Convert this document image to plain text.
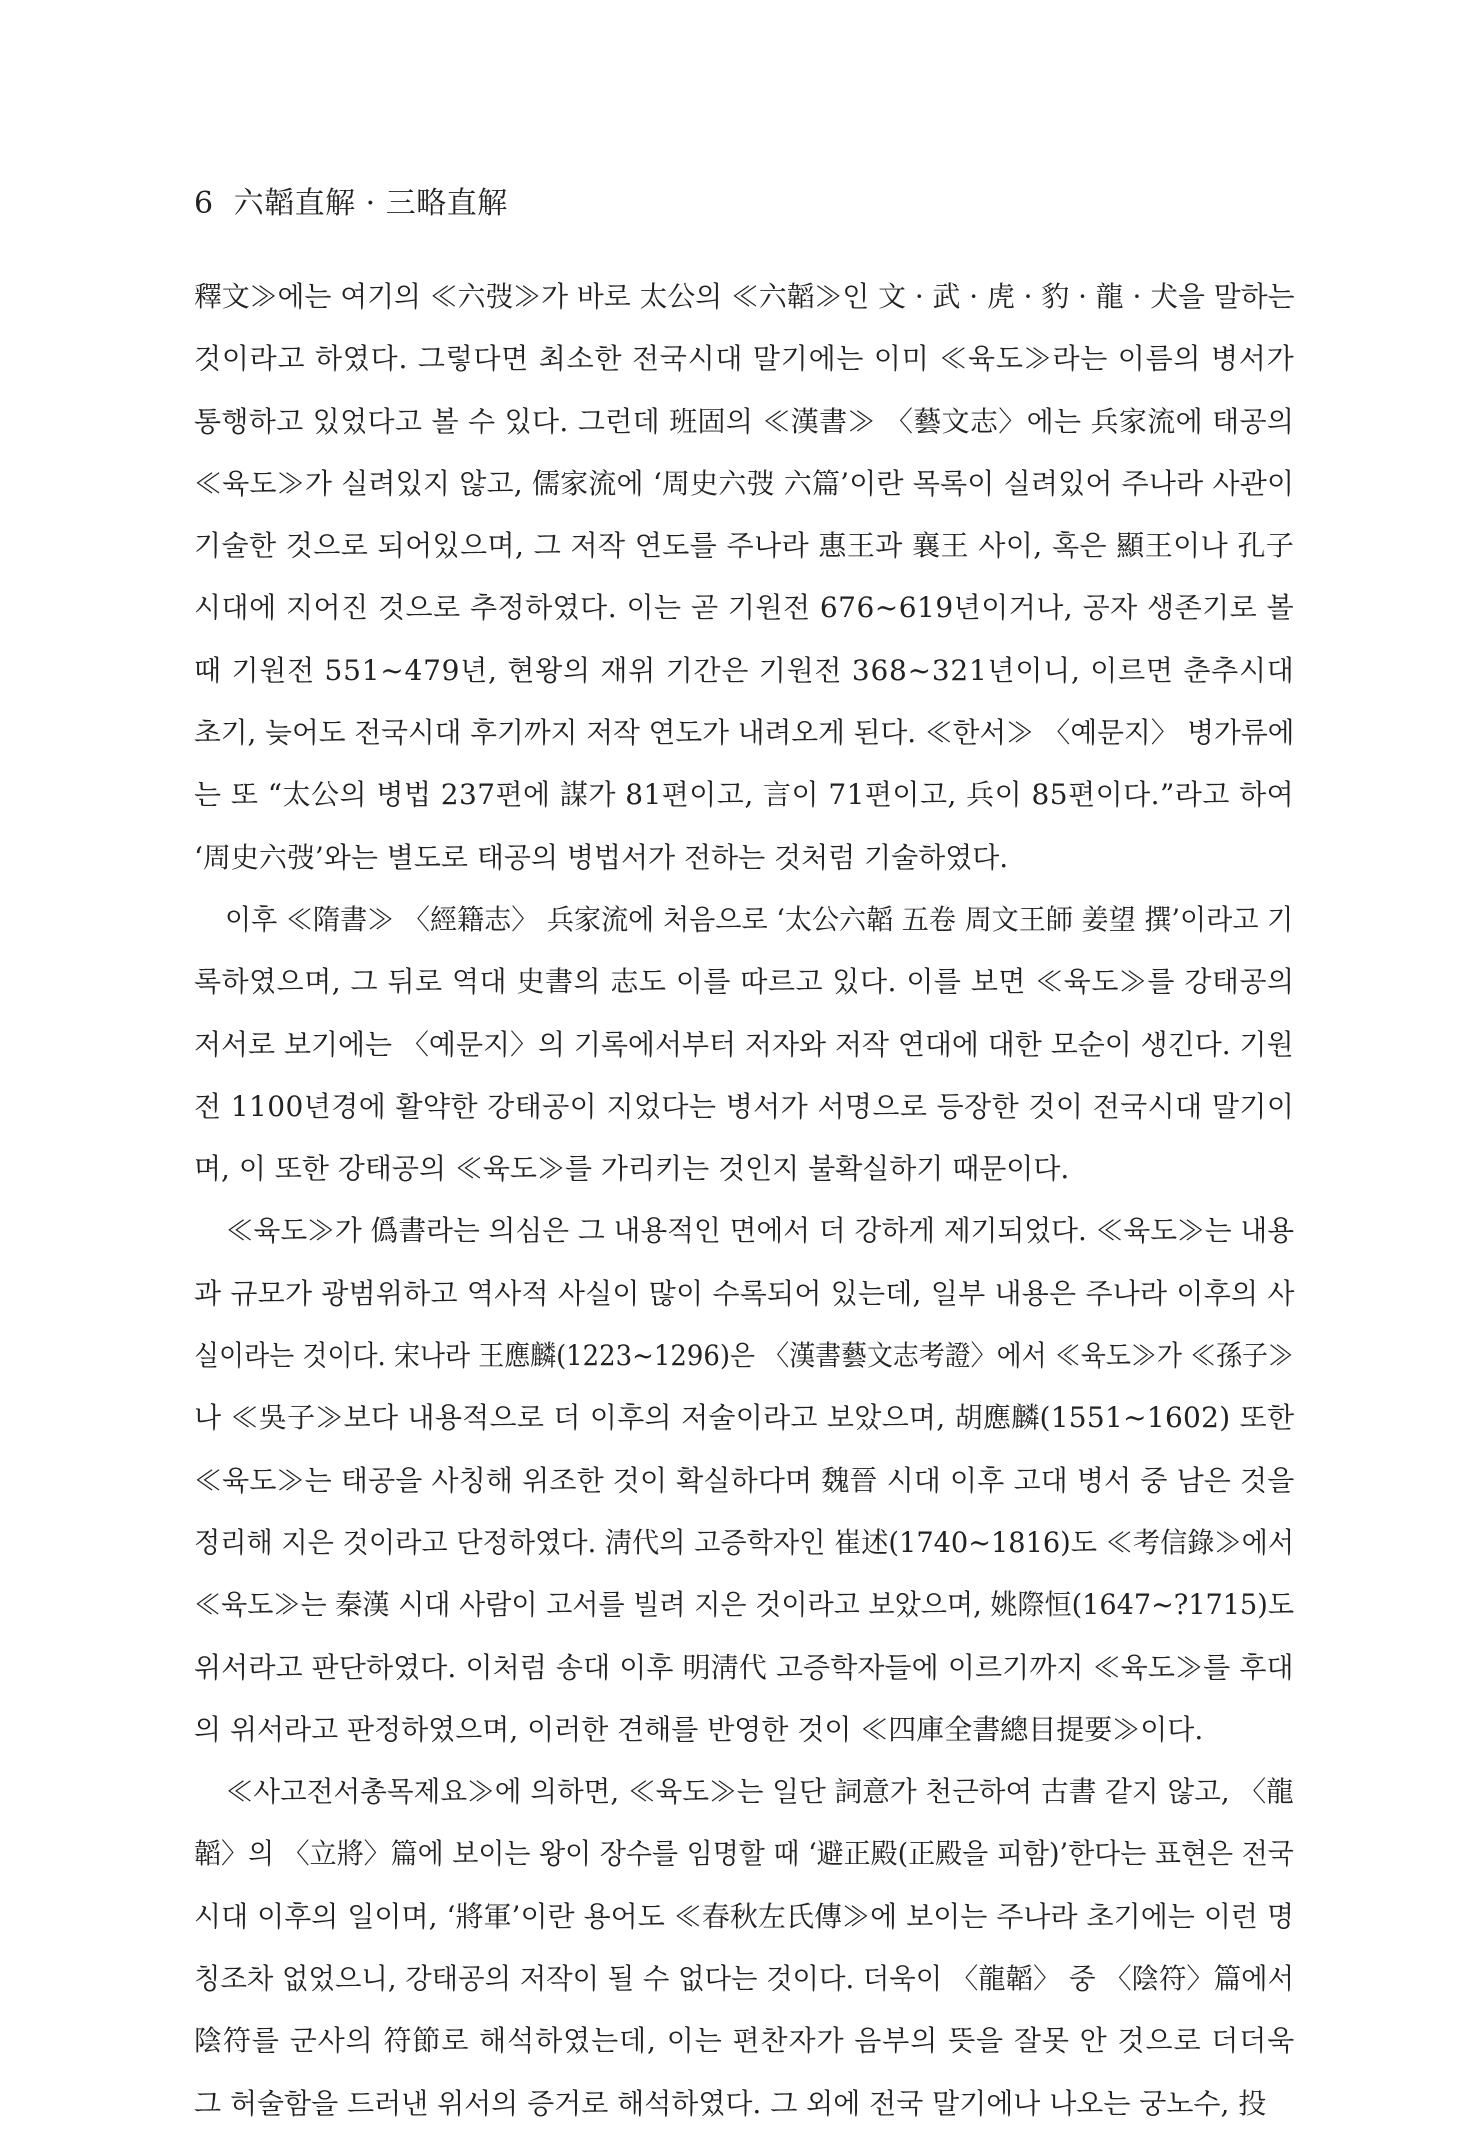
6 六韜直解 · 三略直解
釋文≫에는 여기의 ≪六弢≫가 바로 太公의 ≪六韜≫인 文 · 武 · 虎 · 豹 · 龍 · 犬을 말하는
것이라고 하였다. 그렇다면 최소한 전국시대 말기에는 이미 ≪육도≫라는 이름의 병서가
통행하고 있었다고 볼 수 있다. 그런데 班固의 ≪漢書≫ 〈藝文志〉에는 兵家流에 태공의
≪육도≫가 실려있지 않고, 儒家流에 ‘周史六弢 六篇’이란 목록이 실려있어 주나라 사관이
기술한 것으로 되어있으며, 그 저작 연도를 주나라 惠王과 襄王 사이, 혹은 顯王이나 孔子
시대에 지어진 것으로 추정하였다. 이는 곧 기원전 676~619년이거나, 공자 생존기로 볼
때 기원전 551~479년, 현왕의 재위 기간은 기원전 368~321년이니, 이르면 춘추시대
초기, 늦어도 전국시대 후기까지 저작 연도가 내려오게 된다. ≪한서≫ 〈예문지〉 병가류에
는 또 “太公의 병법 237편에 謀가 81편이고, 言이 71편이고, 兵이 85편이다.”라고 하여
‘周史六弢’와는 별도로 태공의 병법서가 전하는 것처럼 기술하였다.
이후 ≪隋書≫ 〈經籍志〉 兵家流에 처음으로 ‘太公六韜 五卷 周文王師 姜望 撰’이라고 기
록하였으며, 그 뒤로 역대 史書의 志도 이를 따르고 있다. 이를 보면 ≪육도≫를 강태공의
저서로 보기에는 〈예문지〉의 기록에서부터 저자와 저작 연대에 대한 모순이 생긴다. 기원
전 1100년경에 활약한 강태공이 지었다는 병서가 서명으로 등장한 것이 전국시대 말기이
며, 이 또한 강태공의 ≪육도≫를 가리키는 것인지 불확실하기 때문이다.
≪육도≫가 僞書라는 의심은 그 내용적인 면에서 더 강하게 제기되었다. ≪육도≫는 내용
과 규모가 광범위하고 역사적 사실이 많이 수록되어 있는데, 일부 내용은 주나라 이후의 사
실이라는 것이다. 宋나라 王應麟(1223~1296)은 〈漢書藝文志考證〉에서 ≪육도≫가 ≪孫子≫
나 ≪吳子≫보다 내용적으로 더 이후의 저술이라고 보았으며, 胡應麟(1551~1602) 또한
≪육도≫는 태공을 사칭해 위조한 것이 확실하다며 魏晉 시대 이후 고대 병서 중 남은 것을
정리해 지은 것이라고 단정하였다. 淸代의 고증학자인 崔述(1740~1816)도 ≪考信錄≫에서
≪육도≫는 秦漢 시대 사람이 고서를 빌려 지은 것이라고 보았으며, 姚際恒(1647~?1715)도
위서라고 판단하였다. 이처럼 송대 이후 明淸代 고증학자들에 이르기까지 ≪육도≫를 후대
의 위서라고 판정하였으며, 이러한 견해를 반영한 것이 ≪四庫全書總目提要≫이다.
≪사고전서총목제요≫에 의하면, ≪육도≫는 일단 詞意가 천근하여 古書 같지 않고, 〈龍
韜〉의 〈立將〉篇에 보이는 왕이 장수를 임명할 때 ‘避正殿(正殿을 피함)’한다는 표현은 전국
시대 이후의 일이며, ‘將軍’이란 용어도 ≪春秋左氏傳≫에 보이는 주나라 초기에는 이런 명
칭조차 없었으니, 강태공의 저작이 될 수 없다는 것이다. 더욱이 〈龍韜〉 중 〈陰符〉篇에서
陰符를 군사의 符節로 해석하였는데, 이는 편찬자가 음부의 뜻을 잘못 안 것으로 더더욱
그 허술함을 드러낸 위서의 증거로 해석하였다. 그 외에 전국 말기에나 나오는 궁노수, 投
